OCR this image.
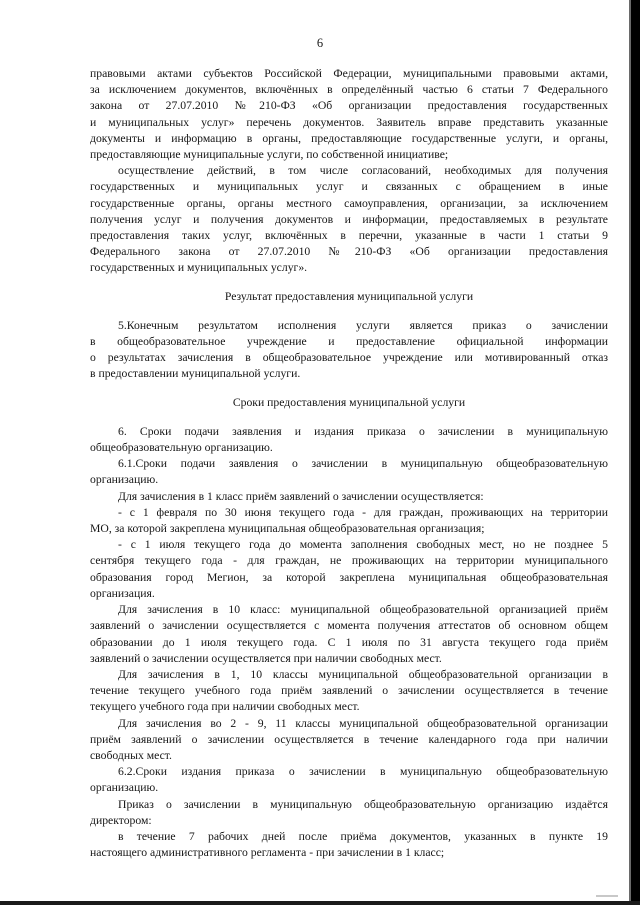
6

правовыми актами субъектов Российской Федерации, муниципальными правовыми актами,
за исключением документов, включённых в определённый частью 6 статьи 7 Федерального
закона от 27.07.2010 №210-ФЗ «Об организации предоставления государственных
и муниципальных услуг» перечень документов. Заявитель вправе представить указанные
документы и информацию в органы, предоставляющие государственные услуги, и органы,
предоставляющие муниципальные услуги, по собственной инициативе;

осуществление действий, в том числе согласований, необходимых для получения
государственных и муниципальных услуг и связанных с обращением в иные
государственные органы, органы местного самоуправления, организации, за исключением
получения услуг и получения документов и информации, предоставляемых в результате
предоставления таких услуг, включённых в перечни, указанные в части 1 статьи 9
Федерального закона от 27.07.2010 №210-ФЗ «Об организации предоставления
государственных и муниципальных услуг».

Результат предоставления муниципальной услуги

5.Конечным результатом исполнения услуги является приказ о зачислении
в общеобразовательное учреждение и предоставление официальной информации
о результатах зачисления в общеобразовательное учреждение или мотивированный отказ
в предоставлении муниципальной услуги.

Сроки предоставления муниципальной услуги

6. Сроки подачи заявления и издания приказа о зачислении в муниципальную
общеобразовательную организацию.

6.1.Сроки подачи заявления о зачислении в муниципальную общеобразовательную
организацию.

Для зачисления в 1 класс приём заявлений о зачислении осуществляется:

- с 1 февраля по 30 июня текущего года - для граждан, проживающих на территории
МО, за которой закреплена муниципальная общеобразовательная организация;

- с 1 июля текущего года до момента заполнения свободных мест, но не позднее 5
сентября текущего года - для граждан, не проживающих на территории муниципального
образования город Мегион, за которой закреплена муниципальная общеобразовательная
организация.

Для зачисления в 10 класс: муниципальной общеобразовательной организацией приём
заявлений о зачислении осуществляется с момента получения аттестатов об основном общем
образовании до 1 июля текущего года. С 1 июля по 31 августа текущего года приём
заявлений о зачислении осуществляется при наличии свободных мест.

Для зачисления в 1, 10 классы муниципальной общеобразовательной организации в
течение текущего учебного года приём заявлений о зачислении осуществляется в течение
текущего учебного года при наличии свободных мест.

Для зачисления во 2 - 9, 11 классы муниципальной общеобразовательной организации
приём заявлений о зачислении осуществляется в течение календарного года при наличии
свободных мест.

6.2.Сроки издания приказа о зачислении в муниципальную общеобразовательную
организацию.

Приказ о зачислении в муниципальную общеобразовательную организацию издаётся
директором:

в течение 7 рабочих дней после приёма документов, указанных в пункте 19
настоящего административного регламента - при зачислении в 1 класс;
